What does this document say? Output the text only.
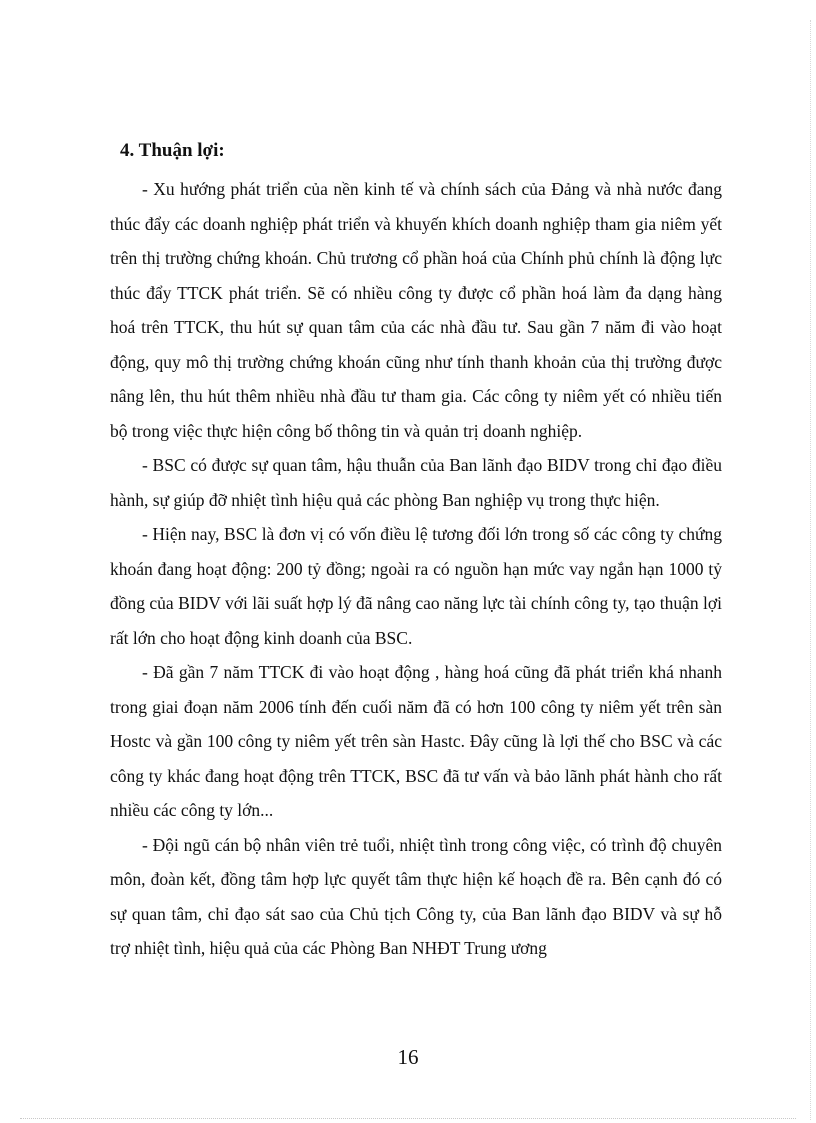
4. Thuận lợi:

- Xu hướng phát triển của nền kinh tế và chính sách của Đảng và nhà nước đang thúc đẩy các doanh nghiệp phát triển và khuyến khích doanh nghiệp tham gia niêm yết trên thị trường chứng khoán. Chủ trương cổ phần hoá của Chính phủ chính là động lực thúc đẩy TTCK phát triển. Sẽ có nhiều công ty được cổ phần hoá làm đa dạng hàng hoá trên TTCK, thu hút sự quan tâm của các nhà đầu tư. Sau gần 7 năm đi vào hoạt động, quy mô thị trường chứng khoán cũng như tính thanh khoản của thị trường được nâng lên, thu hút thêm nhiều nhà đầu tư tham gia. Các công ty niêm yết có nhiều tiến bộ trong việc thực hiện công bố thông tin và quản trị doanh nghiệp.

- BSC có được sự quan tâm, hậu thuẫn của Ban lãnh đạo BIDV trong chỉ đạo điều hành, sự giúp đỡ nhiệt tình hiệu quả các phòng Ban nghiệp vụ trong thực hiện.

- Hiện nay, BSC là đơn vị có vốn điều lệ tương đối lớn trong số các công ty chứng khoán đang hoạt động: 200 tỷ đồng; ngoài ra có nguồn hạn mức vay ngắn hạn 1000 tỷ đồng của BIDV với lãi suất hợp lý đã nâng cao năng lực tài chính công ty, tạo thuận lợi rất lớn cho hoạt động kinh doanh của BSC.

- Đã gần 7 năm TTCK đi vào hoạt động , hàng hoá cũng đã phát triển khá nhanh trong giai đoạn năm 2006 tính đến cuối năm đã có hơn 100 công ty niêm yết trên sàn Hostc và gần 100 công ty niêm yết trên sàn Hastc. Đây cũng là lợi thế cho BSC và các công ty khác đang hoạt động trên TTCK, BSC đã tư vấn và bảo lãnh phát hành cho rất nhiều các công ty lớn...

- Đội ngũ cán bộ nhân viên trẻ tuổi, nhiệt tình trong công việc, có trình độ chuyên môn, đoàn kết, đồng tâm hợp lực quyết tâm thực hiện kế hoạch đề ra. Bên cạnh đó có sự quan tâm, chỉ đạo sát sao của Chủ tịch Công ty, của Ban lãnh đạo BIDV và sự hỗ trợ nhiệt tình, hiệu quả của các Phòng Ban NHĐT Trung ương

16
